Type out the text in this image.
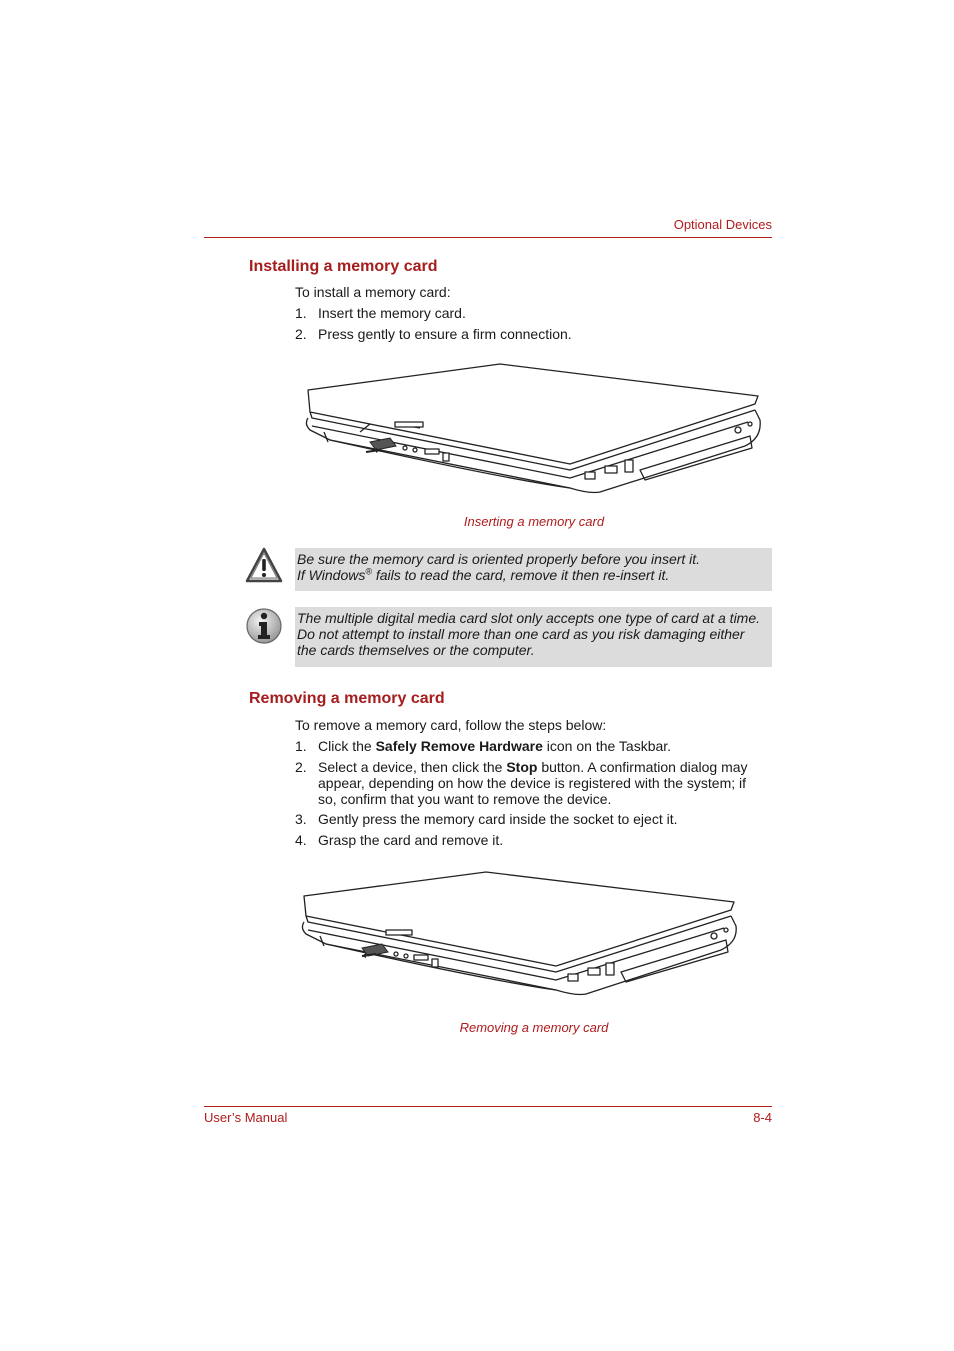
Optional Devices
Installing a memory card
To install a memory card:
1. Insert the memory card.
2. Press gently to ensure a firm connection.
Inserting a memory card
Be sure the memory card is oriented properly before you insert it.
If Windows® fails to read the card, remove it then re-insert it.
The multiple digital media card slot only accepts one type of card at a time.
Do not attempt to install more than one card as you risk damaging either
the cards themselves or the computer.
Removing a memory card
To remove a memory card, follow the steps below:
1. Click the Safely Remove Hardware icon on the Taskbar.
2. Select a device, then click the Stop button. A confirmation dialog may
appear, depending on how the device is registered with the system; if
so, confirm that you want to remove the device.
3. Gently press the memory card inside the socket to eject it.
4. Grasp the card and remove it.
Removing a memory card
User’s Manual	8-4
